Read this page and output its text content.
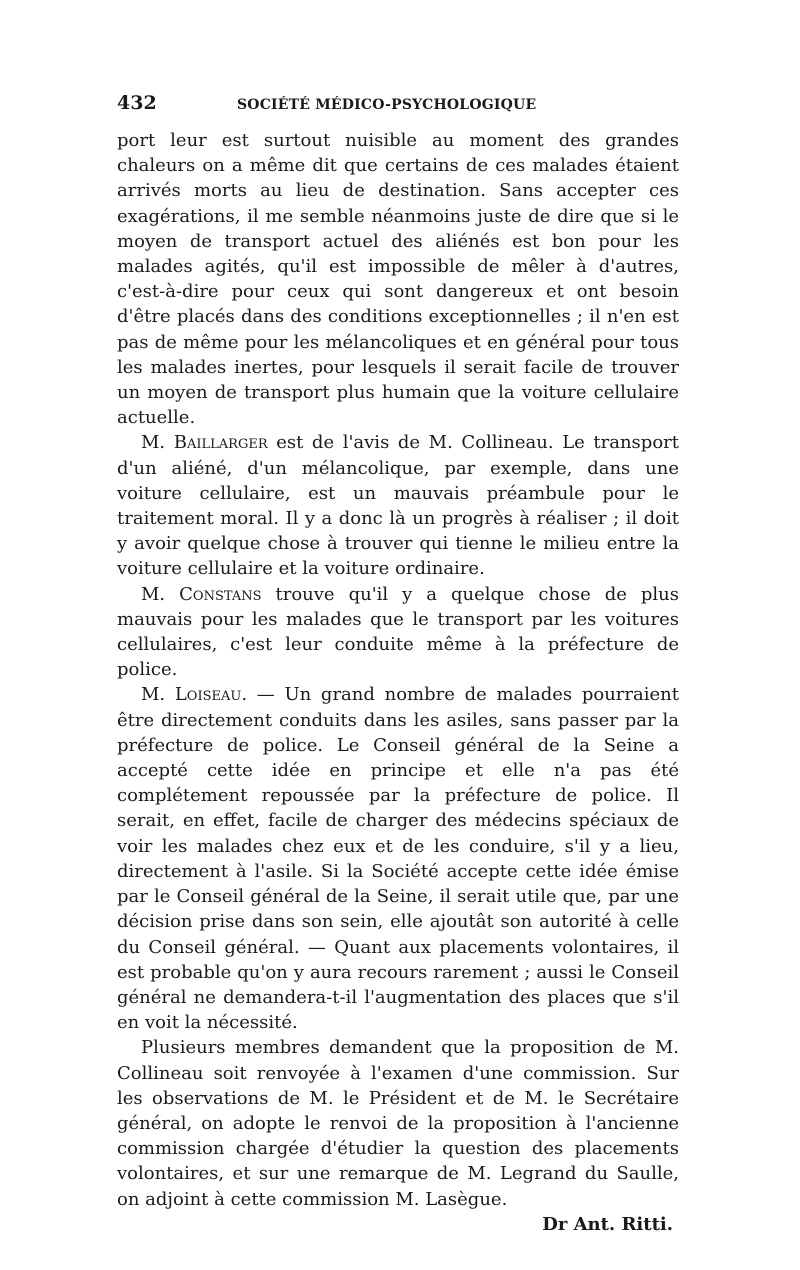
432	SOCIÉTÉ MÉDICO-PSYCHOLOGIQUE

port leur est surtout nuisible au moment des grandes chaleurs on a même dit que certains de ces malades étaient arrivés morts au lieu de destination. Sans accepter ces exagérations, il me semble néanmoins juste de dire que si le moyen de transport actuel des aliénés est bon pour les malades agités, qu'il est impossible de mêler à d'autres, c'est-à-dire pour ceux qui sont dangereux et ont besoin d'être placés dans des conditions exceptionnelles ; il n'en est pas de même pour les mélancoliques et en général pour tous les malades inertes, pour lesquels il serait facile de trouver un moyen de transport plus humain que la voiture cellulaire actuelle.

M. Baillarger est de l'avis de M. Collineau. Le transport d'un aliéné, d'un mélancolique, par exemple, dans une voiture cellulaire, est un mauvais préambule pour le traitement moral. Il y a donc là un progrès à réaliser ; il doit y avoir quelque chose à trouver qui tienne le milieu entre la voiture cellulaire et la voiture ordinaire.

M. Constans trouve qu'il y a quelque chose de plus mauvais pour les malades que le transport par les voitures cellulaires, c'est leur conduite même à la préfecture de police.

M. Loiseau. — Un grand nombre de malades pourraient être directement conduits dans les asiles, sans passer par la préfecture de police. Le Conseil général de la Seine a accepté cette idée en principe et elle n'a pas été complétement repoussée par la préfecture de police. Il serait, en effet, facile de charger des médecins spéciaux de voir les malades chez eux et de les conduire, s'il y a lieu, directement à l'asile. Si la Société accepte cette idée émise par le Conseil général de la Seine, il serait utile que, par une décision prise dans son sein, elle ajoutât son autorité à celle du Conseil général. — Quant aux placements volontaires, il est probable qu'on y aura recours rarement ; aussi le Conseil général ne demandera-t-il l'augmentation des places que s'il en voit la nécessité.

Plusieurs membres demandent que la proposition de M. Collineau soit renvoyée à l'examen d'une commission. Sur les observations de M. le Président et de M. le Secrétaire général, on adopte le renvoi de la proposition à l'ancienne commission chargée d'étudier la question des placements volontaires, et sur une remarque de M. Legrand du Saulle, on adjoint à cette commission M. Lasègue.

Dr Ant. Ritti.
